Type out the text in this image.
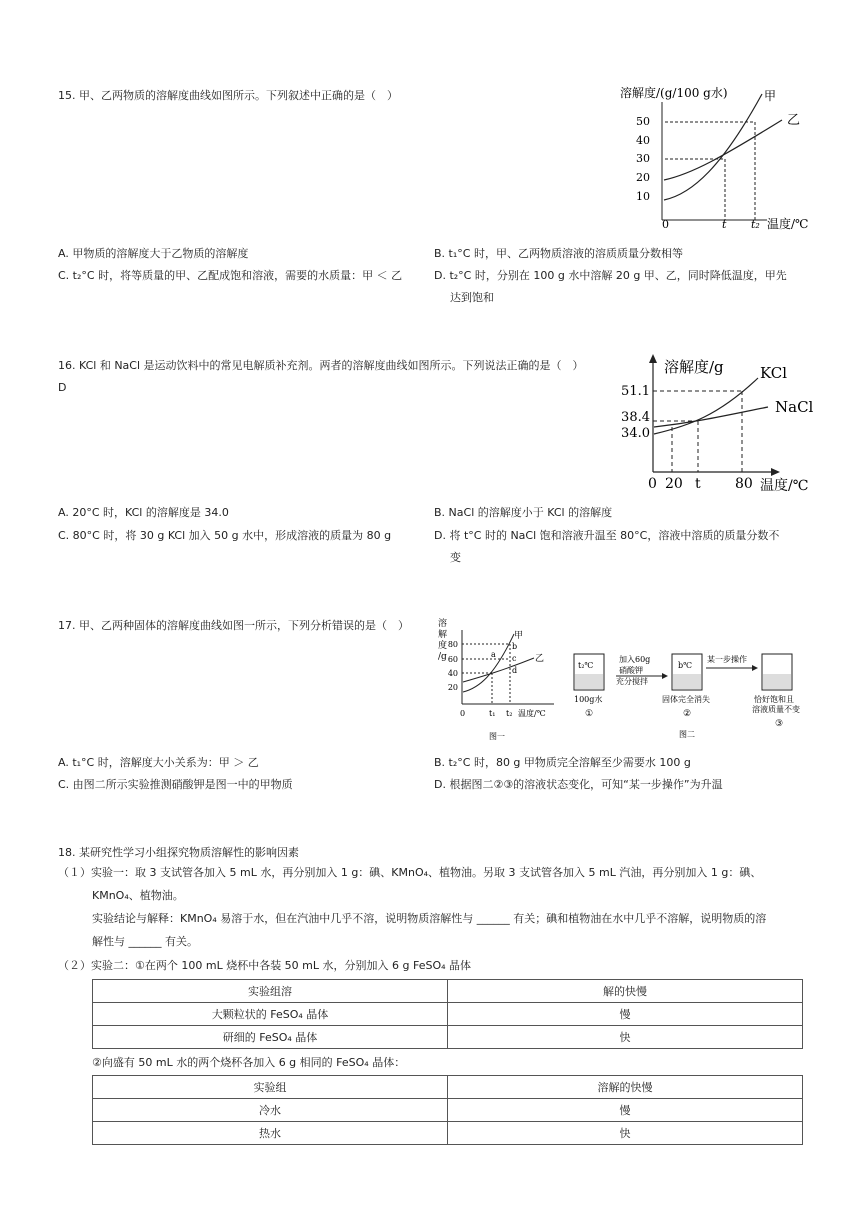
15. 甲、乙两物质的溶解度曲线如图所示。下列叙述中正确的是（　）	溶解度/(g/100 g水)
50
40
30
20
10
甲
乙
0	t t₂ 温度/℃
A. 甲物质的溶解度大于乙物质的溶解度	B. t₁°C 时，甲、乙两物质溶液的溶质质量分数相等
C. t₂°C 时，将等质量的甲、乙配成饱和溶液，需要的水质量：甲 ＜ 乙	D. t₂°C 时，分别在 100 g 水中溶解 20 g 甲、乙，同时降低温度，甲先
达到饱和
16. KCl 和 NaCl 是运动饮料中的常见电解质补充剂。两者的溶解度曲线如图所示。下列说法正确的是（　）
D
溶解度/g
51.1
38.4
34.0
KCl
NaCl
0 20 t 80 温度/℃
A. 20°C 时，KCl 的溶解度是 34.0	B. NaCl 的溶解度小于 KCl 的溶解度
C. 80°C 时，将 30 g KCl 加入 50 g 水中，形成溶液的质量为 80 g	D. 将 t°C 时的 NaCl 饱和溶液升温至 80°C，溶液中溶质的质量分数不
变
17. 甲、乙两种固体的溶解度曲线如图一所示，下列分析错误的是（　）	溶
解
度
/g
80
60
40
20
甲
乙
a
b
c
d
0	t₁ t₂ 温度/℃
图一
t₂℃
100g水
①
加入60g
硝酸钾
充分搅拌
b℃
固体完全消失
②
某一步操作
恰好饱和且
溶液质量不变
③
图二
A. t₁°C 时，溶解度大小关系为：甲 ＞ 乙	B. t₂°C 时，80 g 甲物质完全溶解至少需要水 100 g
C. 由图二所示实验推测硝酸钾是图一中的甲物质	D. 根据图二②③的溶液状态变化，可知“某一步操作”为升温
18. 某研究性学习小组探究物质溶解性的影响因素
（１）实验一：取 3 支试管各加入 5 mL 水，再分别加入 1 g：碘、KMnO₄、植物油。另取 3 支试管各加入 5 mL 汽油，再分别加入 1 g：碘、
KMnO₄、植物油。
实验结论与解释：KMnO₄ 易溶于水，但在汽油中几乎不溶，说明物质溶解性与 ______ 有关；碘和植物油在水中几乎不溶解，说明物质的溶
解性与 ______ 有关。
（２）实验二：①在两个 100 mL 烧杯中各装 50 mL 水，分别加入 6 g FeSO₄ 晶体
实验组溶	解的快慢
大颗粒状的 FeSO₄ 晶体	慢
研细的 FeSO₄ 晶体	快
②向盛有 50 mL 水的两个烧杯各加入 6 g 相同的 FeSO₄ 晶体：
实验组	溶解的快慢
冷水	慢
热水	快
